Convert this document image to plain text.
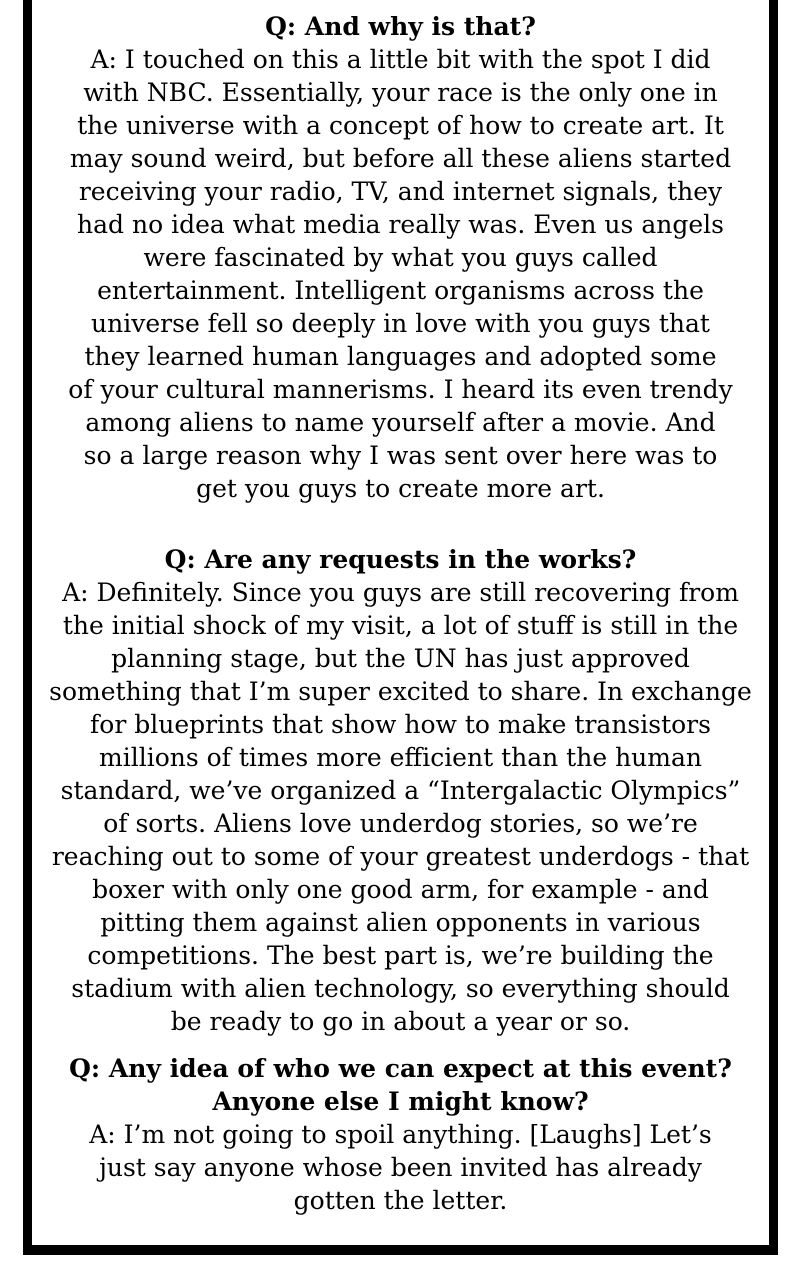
Q: And why is that?
A: I touched on this a little bit with the spot I did
with NBC. Essentially, your race is the only one in
the universe with a concept of how to create art. It
may sound weird, but before all these aliens started
receiving your radio, TV, and internet signals, they
had no idea what media really was. Even us angels
were fascinated by what you guys called
entertainment. Intelligent organisms across the
universe fell so deeply in love with you guys that
they learned human languages and adopted some
of your cultural mannerisms. I heard its even trendy
among aliens to name yourself after a movie. And
so a large reason why I was sent over here was to
get you guys to create more art.
Q: Are any requests in the works?
A: Definitely. Since you guys are still recovering from
the initial shock of my visit, a lot of stuff is still in the
planning stage, but the UN has just approved
something that I’m super excited to share. In exchange
for blueprints that show how to make transistors
millions of times more efficient than the human
standard, we’ve organized a “Intergalactic Olympics”
of sorts. Aliens love underdog stories, so we’re
reaching out to some of your greatest underdogs - that
boxer with only one good arm, for example - and
pitting them against alien opponents in various
competitions. The best part is, we’re building the
stadium with alien technology, so everything should
be ready to go in about a year or so.
Q: Any idea of who we can expect at this event?
Anyone else I might know?
A: I’m not going to spoil anything. [Laughs] Let’s
just say anyone whose been invited has already
gotten the letter.
